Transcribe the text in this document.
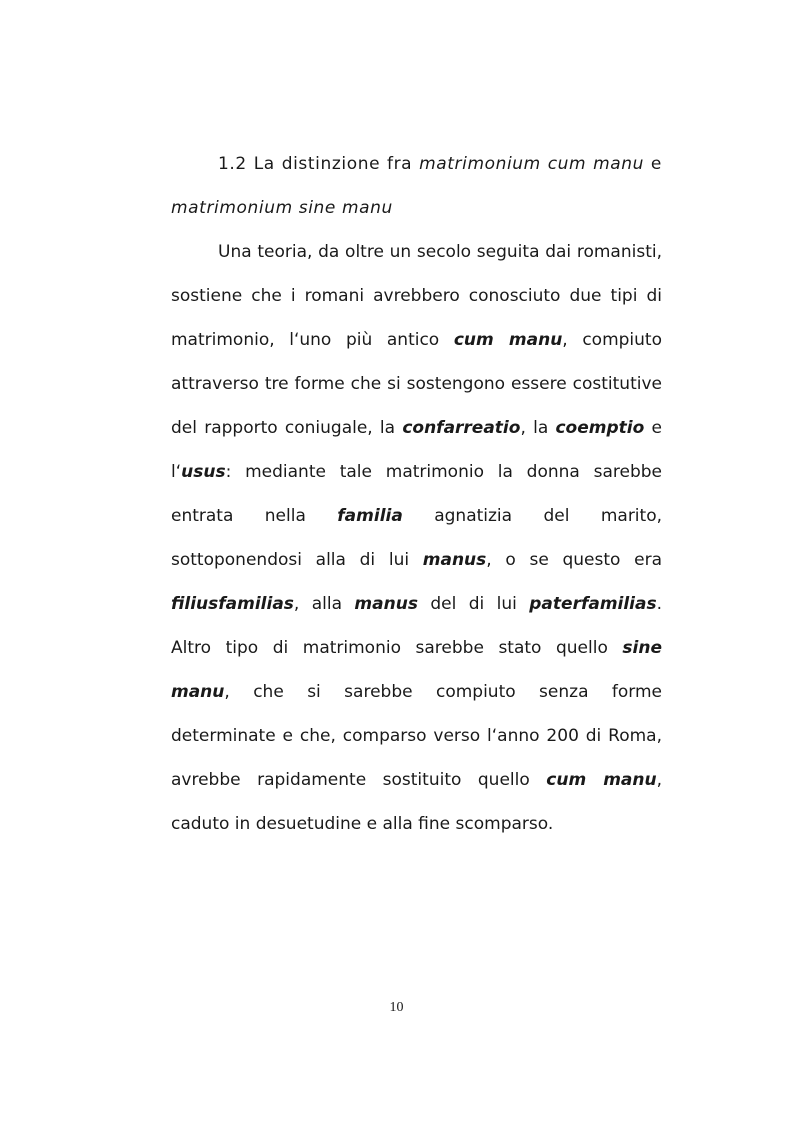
1.2 La distinzione fra matrimonium cum manu e matrimonium sine manu

Una teoria, da oltre un secolo seguita dai romanisti, sostiene che i romani avrebbero conosciuto due tipi di matrimonio, l‘uno più antico cum manu, compiuto attraverso tre forme che si sostengono essere costitutive del rapporto coniugale, la confarreatio, la coemptio e l‘usus: mediante tale matrimonio la donna sarebbe entrata nella familia agnatizia del marito, sottoponendosi alla di lui manus, o se questo era filiusfamilias, alla manus del di lui paterfamilias. Altro tipo di matrimonio sarebbe stato quello sine manu, che si sarebbe compiuto senza forme determinate e che, comparso verso l‘anno 200 di Roma, avrebbe rapidamente sostituito quello cum manu, caduto in desuetudine e alla fine scomparso.

10
